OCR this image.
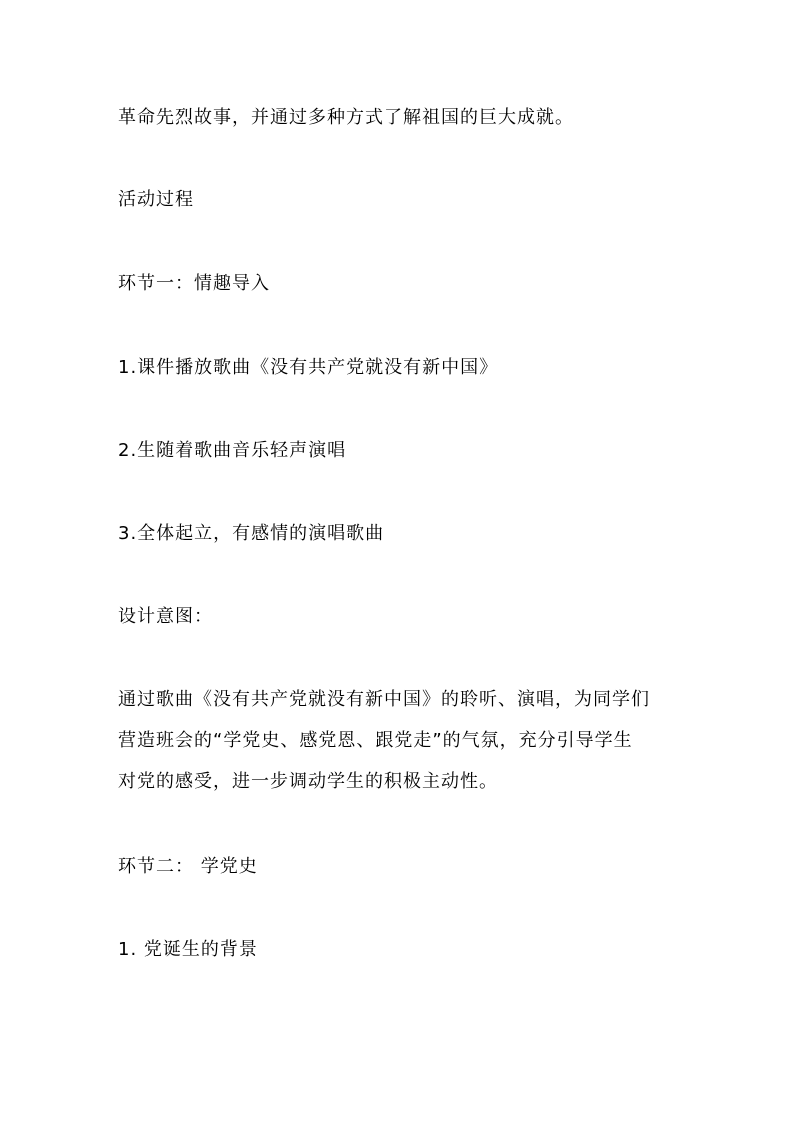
革命先烈故事，并通过多种方式了解祖国的巨大成就。
活动过程
环节一：情趣导入
1.课件播放歌曲《没有共产党就没有新中国》
2.生随着歌曲音乐轻声演唱
3.全体起立，有感情的演唱歌曲
设计意图：
通过歌曲《没有共产党就没有新中国》的聆听、演唱，为同学们
营造班会的“学党史、感党恩、跟党走”的气氛，充分引导学生
对党的感受，进一步调动学生的积极主动性。
环节二： 学党史
1. 党诞生的背景
